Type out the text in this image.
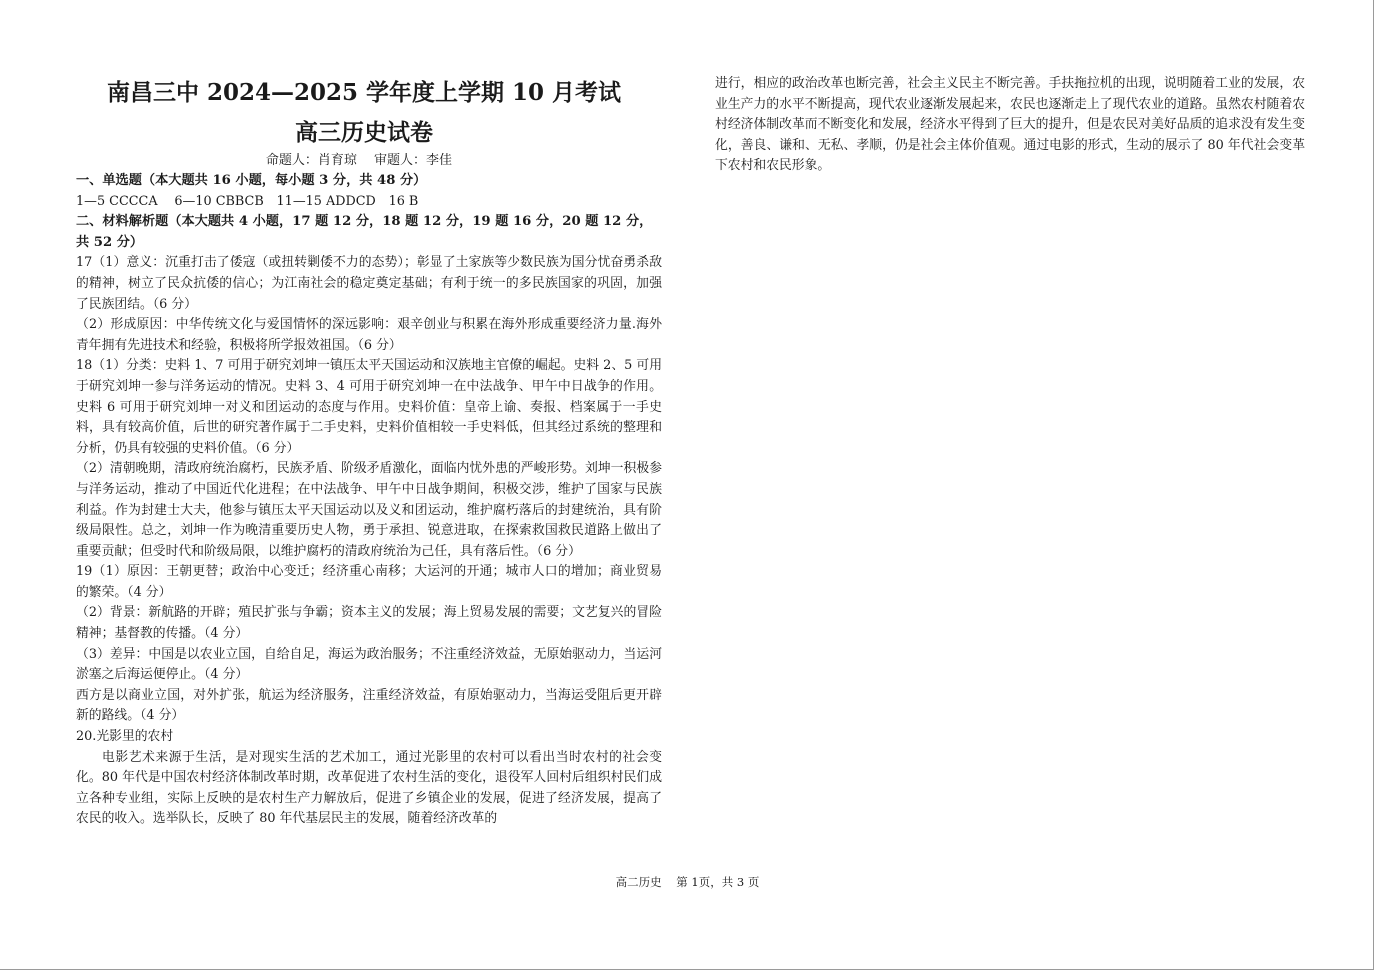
南昌三中 2024—2025 学年度上学期 10 月考试
高三历史试卷
命题人：肖育琼　 审题人：李佳
一、单选题（本大题共 16 小题，每小题 3 分，共 48 分）
1—5 CCCCA　 6—10 CBBCB　11—15 ADDCD　16 B
二、材料解析题（本大题共 4 小题，17 题 12 分，18 题 12 分，19 题 16 分，20 题 12 分，共 52 分）
17（1）意义：沉重打击了倭寇（或扭转剿倭不力的态势）；彰显了土家族等少数民族为国分忧奋勇杀敌的精神，树立了民众抗倭的信心；为江南社会的稳定奠定基础；有利于统一的多民族国家的巩固，加强了民族团结。（6 分）
（2）形成原因：中华传统文化与爱国情怀的深远影响：艰辛创业与积累在海外形成重要经济力量.海外青年拥有先进技术和经验，积极将所学报效祖国。（6 分）
18（1）分类：史料 1、7 可用于研究刘坤一镇压太平天国运动和汉族地主官僚的崛起。史料 2、5 可用于研究刘坤一参与洋务运动的情况。史料 3、4 可用于研究刘坤一在中法战争、甲午中日战争的作用。史料 6 可用于研究刘坤一对义和团运动的态度与作用。史料价值：皇帝上谕、奏报、档案属于一手史料，具有较高价值，后世的研究著作属于二手史料，史料价值相较一手史料低，但其经过系统的整理和分析，仍具有较强的史料价值。（6 分）
（2）清朝晚期，清政府统治腐朽，民族矛盾、阶级矛盾激化，面临内忧外患的严峻形势。刘坤一积极参与洋务运动，推动了中国近代化进程；在中法战争、甲午中日战争期间，积极交涉，维护了国家与民族利益。作为封建士大夫，他参与镇压太平天国运动以及义和团运动，维护腐朽落后的封建统治，具有阶级局限性。总之，刘坤一作为晚清重要历史人物，勇于承担、锐意进取，在探索救国救民道路上做出了重要贡献；但受时代和阶级局限，以维护腐朽的清政府统治为己任，具有落后性。（6 分）
19（1）原因：王朝更替；政治中心变迁；经济重心南移；大运河的开通；城市人口的增加；商业贸易的繁荣。（4 分）
（2）背景：新航路的开辟；殖民扩张与争霸；资本主义的发展；海上贸易发展的需要；文艺复兴的冒险精神；基督教的传播。（4 分）
（3）差异：中国是以农业立国，自给自足，海运为政治服务；不注重经济效益，无原始驱动力，当运河淤塞之后海运便停止。（4 分）
西方是以商业立国，对外扩张，航运为经济服务，注重经济效益，有原始驱动力，当海运受阻后更开辟新的路线。（4 分）
20.光影里的农村
电影艺术来源于生活，是对现实生活的艺术加工，通过光影里的农村可以看出当时农村的社会变化。80 年代是中国农村经济体制改革时期，改革促进了农村生活的变化，退役军人回村后组织村民们成立各种专业组，实际上反映的是农村生产力解放后，促进了乡镇企业的发展，促进了经济发展，提高了农民的收入。选举队长，反映了 80 年代基层民主的发展，随着经济改革的
进行，相应的政治改革也断完善，社会主义民主不断完善。手扶拖拉机的出现，说明随着工业的发展，农业生产力的水平不断提高，现代农业逐渐发展起来，农民也逐渐走上了现代农业的道路。虽然农村随着农村经济体制改革而不断变化和发展，经济水平得到了巨大的提升，但是农民对美好品质的追求没有发生变化，善良、谦和、无私、孝顺，仍是社会主体价值观。通过电影的形式，生动的展示了 80 年代社会变革下农村和农民形象。
高二历史 第 1页，共 3 页
